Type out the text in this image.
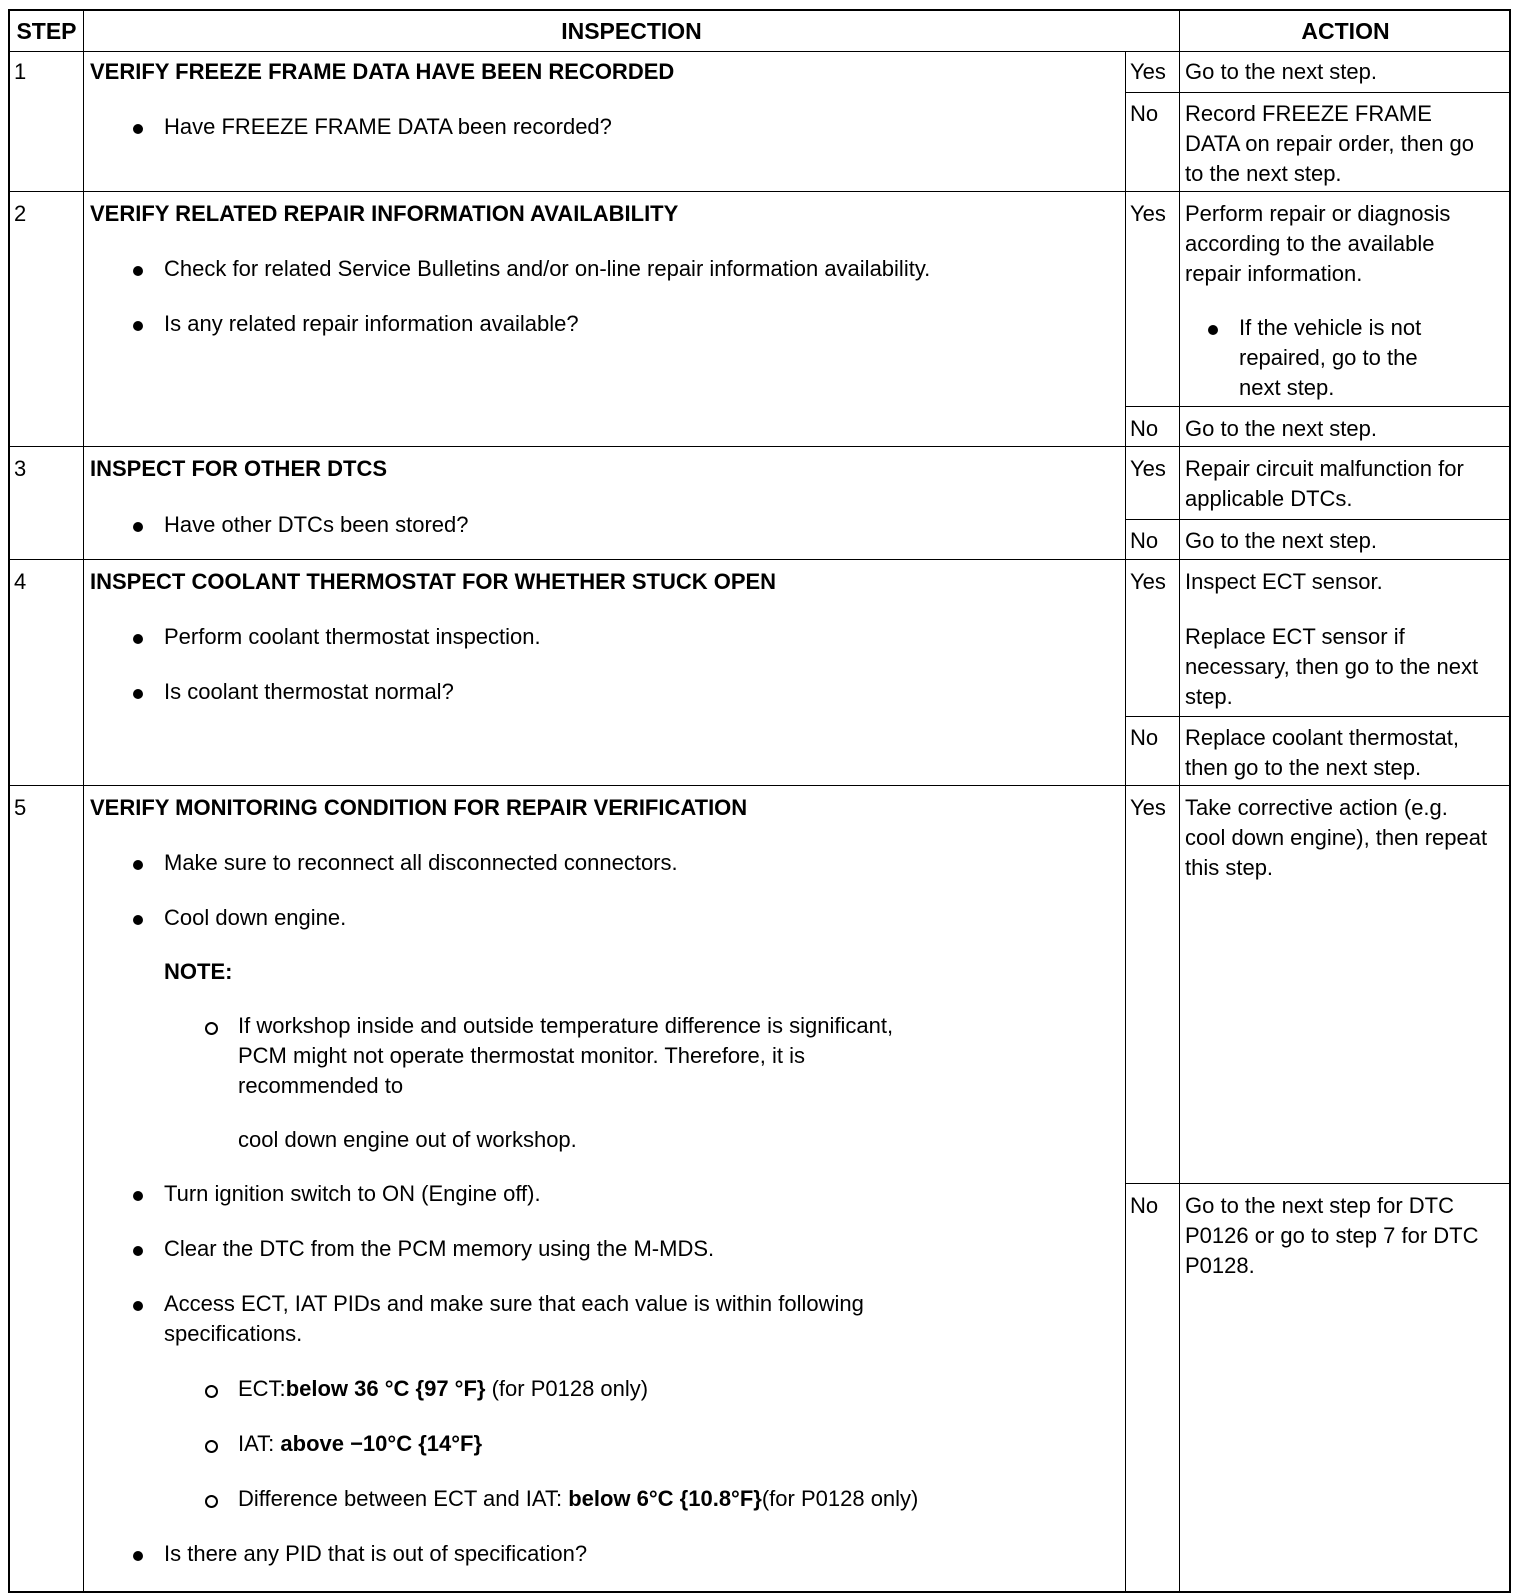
STEP	INSPECTION	ACTION
1	VERIFY FREEZE FRAME DATA HAVE BEEN RECORDED
Have FREEZE FRAME DATA been recorded?
Yes Go to the next step.
No Record FREEZE FRAME
DATA on repair order, then go
to the next step.
2	VERIFY RELATED REPAIR INFORMATION AVAILABILITY
Check for related Service Bulletins and/or on-line repair information availability.
Is any related repair information available?
Yes Perform repair or diagnosis
according to the available
repair information.
If the vehicle is not
repaired, go to the
next step.
No Go to the next step.
3	INSPECT FOR OTHER DTCS
Have other DTCs been stored?
Yes Repair circuit malfunction for
applicable DTCs.
No Go to the next step.
4	INSPECT COOLANT THERMOSTAT FOR WHETHER STUCK OPEN
Perform coolant thermostat inspection.
Is coolant thermostat normal?
Yes Inspect ECT sensor.
Replace ECT sensor if
necessary, then go to the next
step.
No Replace coolant thermostat,
then go to the next step.
5	VERIFY MONITORING CONDITION FOR REPAIR VERIFICATION
Make sure to reconnect all disconnected connectors.
Cool down engine.
NOTE:
If workshop inside and outside temperature difference is significant,
PCM might not operate thermostat monitor. Therefore, it is
recommended to
cool down engine out of workshop.
Turn ignition switch to ON (Engine off).
Clear the DTC from the PCM memory using the M-MDS.
Access ECT, IAT PIDs and make sure that each value is within following
specifications.
ECT:below 36 °C {97 °F} (for P0128 only)
IAT: above −10°C {14°F}
Difference between ECT and IAT: below 6°C {10.8°F}(for P0128 only)
Is there any PID that is out of specification?
Yes Take corrective action (e.g.
cool down engine), then repeat
this step.
No Go to the next step for DTC
P0126 or go to step 7 for DTC
P0128.
